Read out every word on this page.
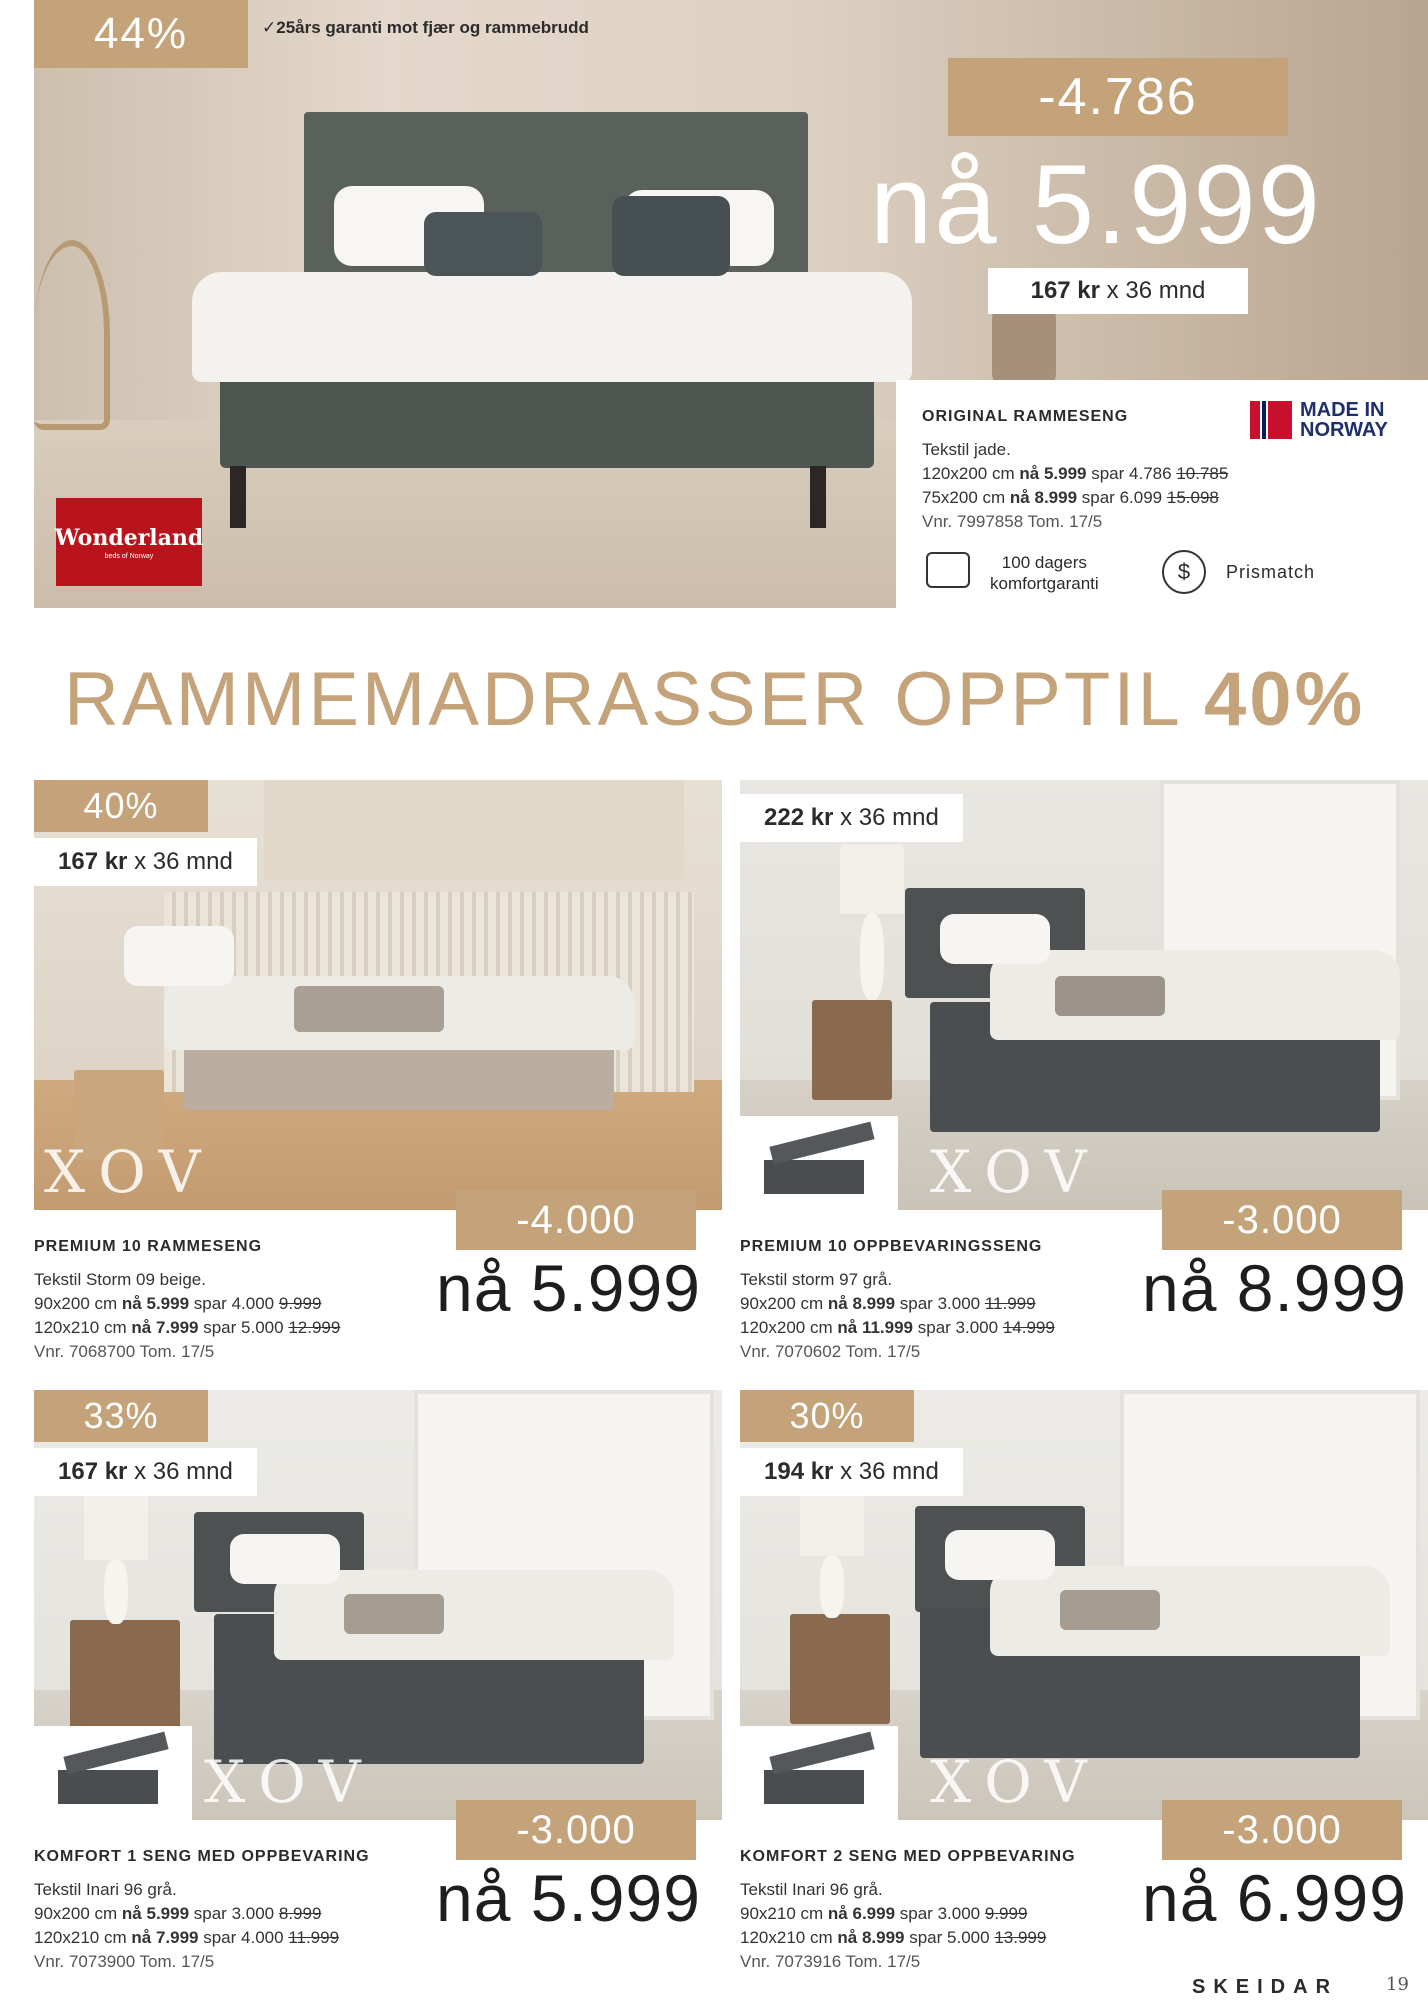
44%	✓25års garanti mot fjær og rammebrudd
Wonderland
beds of Norway
-4.786
nå 5.999
167 kr
x 36 mnd
ORIGINAL RAMMESENG
Tekstil jade.
120x200 cm nå 5.999 spar 4.786 10.785
75x200 cm nå 8.999 spar 6.099 15.098
Vnr. 7997858 Tom. 17/5
MADE IN
NORWAY
100 dagers
komfortgaranti	$	Prismatch
RAMMEMADRASSER OPPTIL 40%
XOV
40%
167 kr
x 36 mnd
-4.000
nå 5.999
PREMIUM 10 RAMMESENG
Tekstil Storm 09 beige.
90x200 cm nå 5.999 spar 4.000 9.999
120x210 cm nå 7.999 spar 5.000 12.999
Vnr. 7068700 Tom. 17/5
XOV
222 kr
x 36 mnd
-3.000
nå 8.999
PREMIUM 10 OPPBEVARINGSSENG
Tekstil storm 97 grå.
90x200 cm nå 8.999 spar 3.000 11.999
120x200 cm nå 11.999 spar 3.000 14.999
Vnr. 7070602 Tom. 17/5
XOV
33%
167 kr
x 36 mnd
-3.000
nå 5.999
KOMFORT 1 SENG MED OPPBEVARING
Tekstil Inari 96 grå.
90x200 cm nå 5.999 spar 3.000 8.999
120x210 cm nå 7.999 spar 4.000 11.999
Vnr. 7073900 Tom. 17/5
XOV
30%
194 kr
x 36 mnd
-3.000
nå 6.999
KOMFORT 2 SENG MED OPPBEVARING
Tekstil Inari 96 grå.
90x210 cm nå 6.999 spar 3.000 9.999
120x210 cm nå 8.999 spar 5.000 13.999
Vnr. 7073916 Tom. 17/5
SKEIDAR	19
